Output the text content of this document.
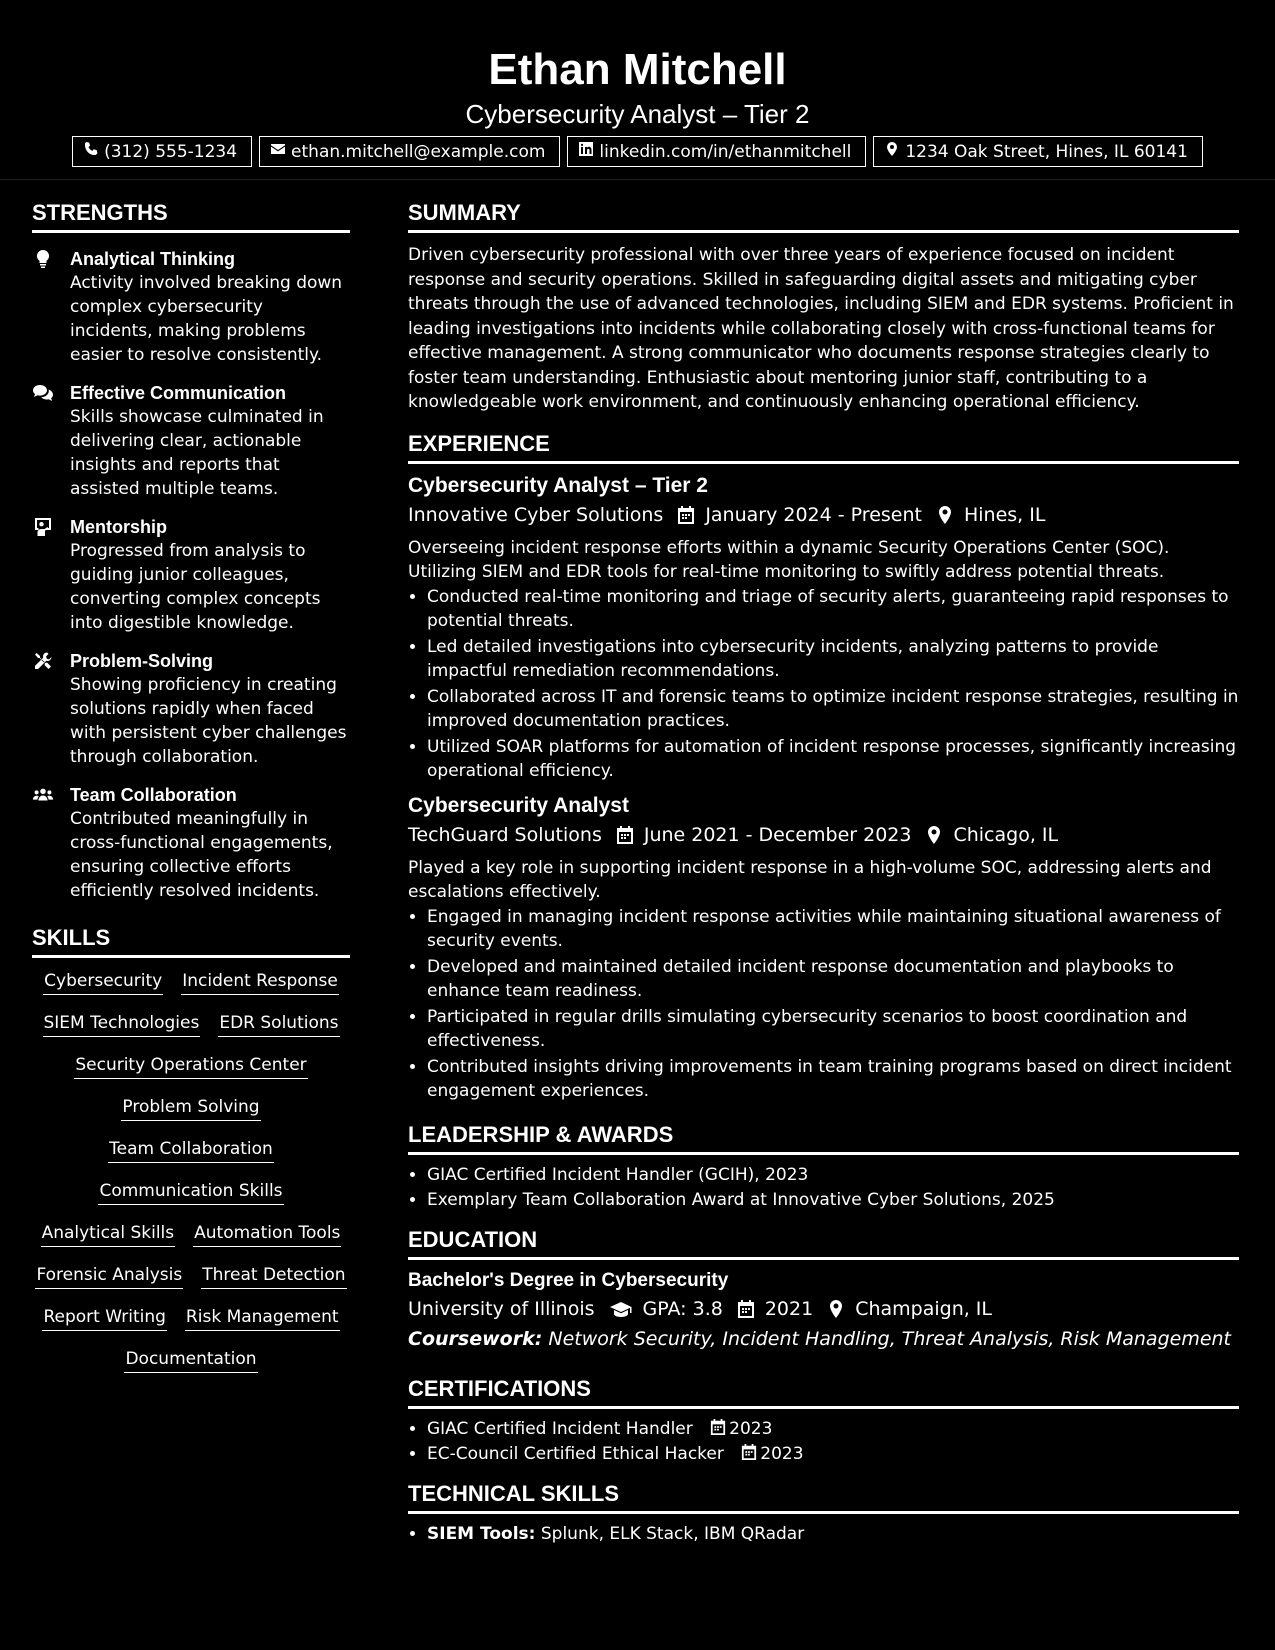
Ethan Mitchell
Cybersecurity Analyst – Tier 2
(312) 555-1234	ethan.mitchell@example.com	linkedin.com/in/ethanmitchell	1234 Oak Street, Hines, IL 60141
STRENGTHS
Analytical Thinking
Activity involved breaking down complex cybersecurity incidents, making problems easier to resolve consistently.
Effective Communication
Skills showcase culminated in delivering clear, actionable insights and reports that assisted multiple teams.
Mentorship
Progressed from analysis to guiding junior colleagues, converting complex concepts into digestible knowledge.
Problem-Solving
Showing proficiency in creating solutions rapidly when faced with persistent cyber challenges through collaboration.
Team Collaboration
Contributed meaningfully in cross-functional engagements, ensuring collective efforts efficiently resolved incidents.
SKILLS
Cybersecurity Incident Response
SIEM Technologies EDR Solutions
Security Operations Center
Problem Solving
Team Collaboration
Communication Skills
Analytical Skills Automation Tools
Forensic Analysis Threat Detection
Report Writing Risk Management
Documentation
SUMMARY
Driven cybersecurity professional with over three years of experience focused on incident response and security operations. Skilled in safeguarding digital assets and mitigating cyber threats through the use of advanced technologies, including SIEM and EDR systems. Proficient in leading investigations into incidents while collaborating closely with cross-functional teams for effective management. A strong communicator who documents response strategies clearly to foster team understanding. Enthusiastic about mentoring junior staff, contributing to a knowledgeable work environment, and continuously enhancing operational efficiency.
EXPERIENCE
Cybersecurity Analyst – Tier 2
Innovative Cyber Solutions January 2024 - Present Hines, IL
Overseeing incident response efforts within a dynamic Security Operations Center (SOC). Utilizing SIEM and EDR tools for real-time monitoring to swiftly address potential threats.
• Conducted real-time monitoring and triage of security alerts, guaranteeing rapid responses to potential threats.
• Led detailed investigations into cybersecurity incidents, analyzing patterns to provide impactful remediation recommendations.
• Collaborated across IT and forensic teams to optimize incident response strategies, resulting in improved documentation practices.
• Utilized SOAR platforms for automation of incident response processes, significantly increasing operational efficiency.
Cybersecurity Analyst
TechGuard Solutions June 2021 - December 2023 Chicago, IL
Played a key role in supporting incident response in a high-volume SOC, addressing alerts and escalations effectively.
• Engaged in managing incident response activities while maintaining situational awareness of security events.
• Developed and maintained detailed incident response documentation and playbooks to enhance team readiness.
• Participated in regular drills simulating cybersecurity scenarios to boost coordination and effectiveness.
• Contributed insights driving improvements in team training programs based on direct incident engagement experiences.
LEADERSHIP & AWARDS
• GIAC Certified Incident Handler (GCIH), 2023
• Exemplary Team Collaboration Award at Innovative Cyber Solutions, 2025
EDUCATION
Bachelor's Degree in Cybersecurity
University of Illinois	GPA: 3.8 2021 Champaign, IL
Coursework: Network Security, Incident Handling, Threat Analysis, Risk Management
CERTIFICATIONS
• GIAC Certified Incident Handler 2023
• EC-Council Certified Ethical Hacker 2023
TECHNICAL SKILLS
• SIEM Tools: Splunk, ELK Stack, IBM QRadar
